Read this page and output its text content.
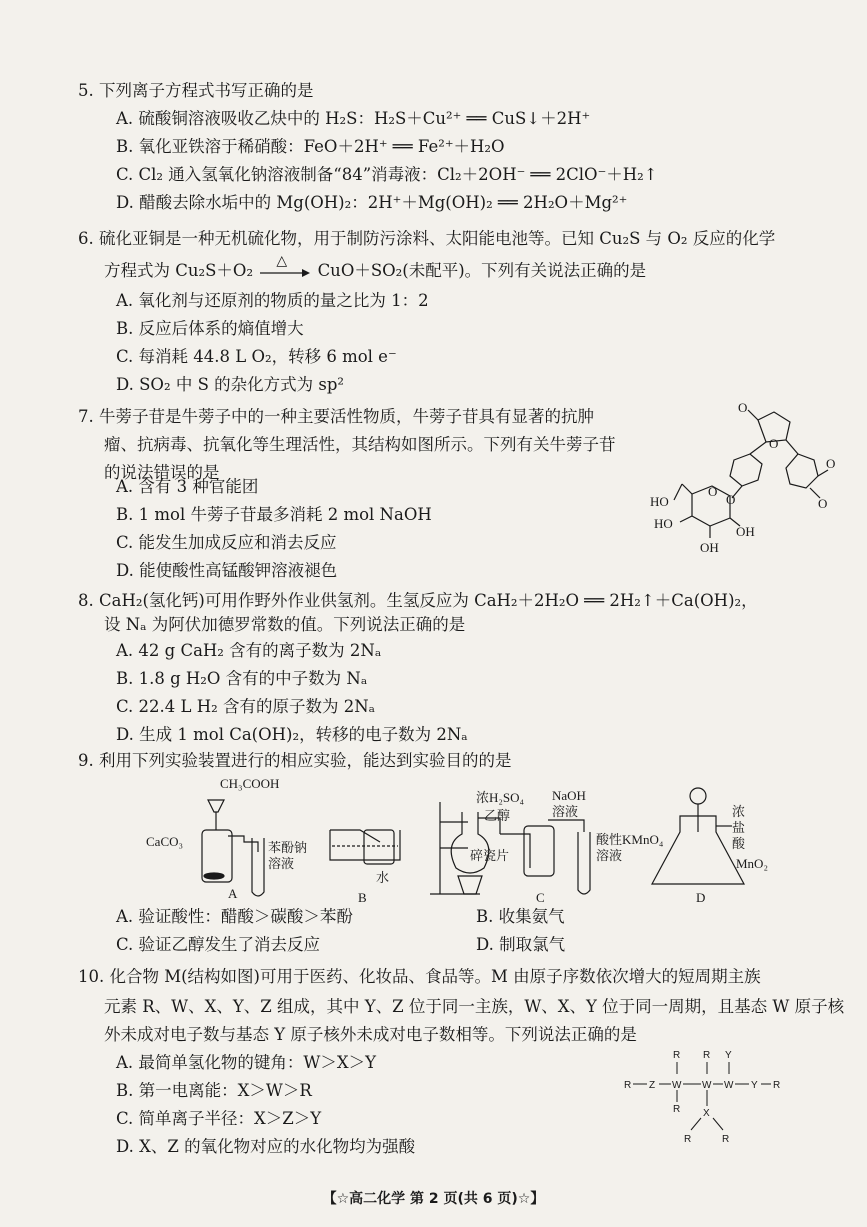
5. 下列离子方程式书写正确的是
A. 硫酸铜溶液吸收乙炔中的 H₂S：H₂S＋Cu²⁺ ══ CuS↓＋2H⁺
B. 氧化亚铁溶于稀硝酸：FeO＋2H⁺ ══ Fe²⁺＋H₂O
C. Cl₂ 通入氢氧化钠溶液制备“84”消毒液：Cl₂＋2OH⁻ ══ 2ClO⁻＋H₂↑
D. 醋酸去除水垢中的 Mg(OH)₂：2H⁺＋Mg(OH)₂ ══ 2H₂O＋Mg²⁺
6. 硫化亚铜是一种无机硫化物，用于制防污涂料、太阳能电池等。已知 Cu₂S 与 O₂ 反应的化学
方程式为 Cu₂S＋O₂
△
CuO＋SO₂(未配平)。下列有关说法正确的是
A. 氧化剂与还原剂的物质的量之比为 1：2
B. 反应后体系的熵值增大
C. 每消耗 44.8 L O₂，转移 6 mol e⁻
D. SO₂ 中 S 的杂化方式为 sp²
7. 牛蒡子苷是牛蒡子中的一种主要活性物质，牛蒡子苷具有显著的抗肿
瘤、抗病毒、抗氧化等生理活性，其结构如图所示。下列有关牛蒡子苷
的说法错误的是
A. 含有 3 种官能团
B. 1 mol 牛蒡子苷最多消耗 2 mol NaOH
C. 能发生加成反应和消去反应
D. 能使酸性高锰酸钾溶液褪色
O
O
O
O
O
O
HO
HO
OH
OH
8. CaH₂(氢化钙)可用作野外作业供氢剂。生氢反应为 CaH₂＋2H₂O ══ 2H₂↑＋Ca(OH)₂，
设 Nₐ 为阿伏加德罗常数的值。下列说法正确的是
A. 42 g CaH₂ 含有的离子数为 2Nₐ
B. 1.8 g H₂O 含有的中子数为 Nₐ
C. 22.4 L H₂ 含有的原子数为 2Nₐ
D. 生成 1 mol Ca(OH)₂，转移的电子数为 2Nₐ
9. 利用下列实验装置进行的相应实验，能达到实验目的的是
CH₃COOH
CaCO₃	苯酚钠
溶液
A	B
水
浓H₂SO₄
乙醇
碎瓷片
NaOH
溶液
酸性KMnO₄
溶液
C
浓
盐
酸
MnO₂
D
A. 验证酸性：醋酸＞碳酸＞苯酚	B. 收集氨气
C. 验证乙醇发生了消去反应	D. 制取氯气
10. 化合物 M(结构如图)可用于医药、化妆品、食品等。M 由原子序数依次增大的短周期主族
元素 R、W、X、Y、Z 组成，其中 Y、Z 位于同一主族，W、X、Y 位于同一周期，且基态 W 原子核
外未成对电子数与基态 Y 原子核外未成对电子数相等。下列说法正确的是
A. 最简单氢化物的键角：W＞X＞Y
B. 第一电离能：X＞W＞R
C. 简单离子半径：X＞Z＞Y
D. X、Z 的氧化物对应的水化物均为强酸
R Z W W W Y R
R R Y
R X
R	R
【☆高二化学 第 2 页(共 6 页)☆】
